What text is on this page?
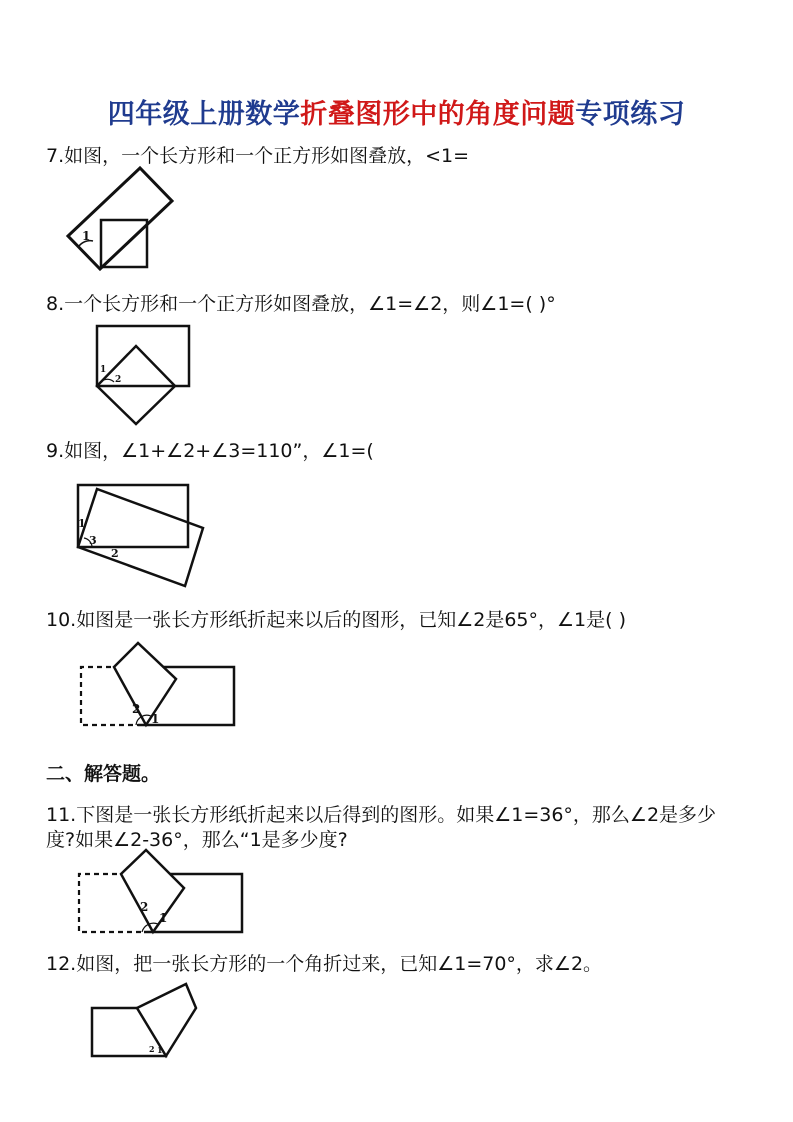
四年级上册数学折叠图形中的角度问题专项练习
7.如图，一个长方形和一个正方形如图叠放，<1=
1
8.一个长方形和一个正方形如图叠放，∠1=∠2，则∠1=( )°
1
2
9.如图，∠1+∠2+∠3=110”，∠1=(
1
3
2
10.如图是一张长方形纸折起来以后的图形，已知∠2是65°，∠1是( )
2
1
二、解答题。
11.下图是一张长方形纸折起来以后得到的图形。如果∠1=36°，那么∠2是多少
度?如果∠2-36°，那么“1是多少度?
2
1
12.如图，把一张长方形的一个角折过来，已知∠1=70°，求∠2。
2 1
